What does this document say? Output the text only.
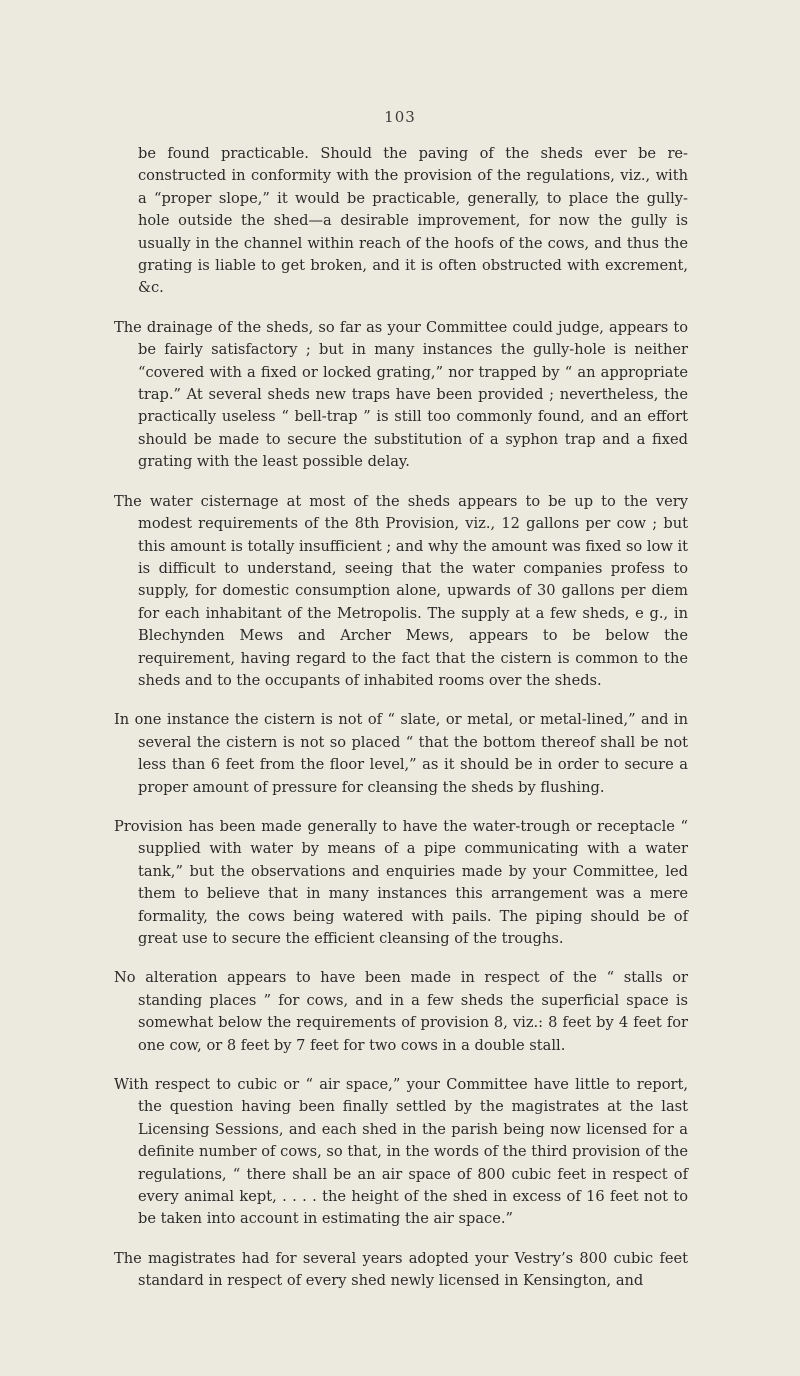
103

be found practicable. Should the paving of the sheds ever be re-constructed in conformity with the provision of the regulations, viz., with a “proper slope,” it would be practicable, generally, to place the gully-hole outside the shed—a desirable improvement, for now the gully is usually in the channel within reach of the hoofs of the cows, and thus the grating is liable to get broken, and it is often obstructed with excrement, &c.

The drainage of the sheds, so far as your Committee could judge, appears to be fairly satisfactory ; but in many instances the gully-hole is neither “covered with a fixed or locked grating,” nor trapped by “ an appropriate trap.” At several sheds new traps have been provided ; nevertheless, the practically useless “ bell-trap ” is still too commonly found, and an effort should be made to secure the substitution of a syphon trap and a fixed grating with the least possible delay.

The water cisternage at most of the sheds appears to be up to the very modest requirements of the 8th Provision, viz., 12 gallons per cow ; but this amount is totally insufficient ; and why the amount was fixed so low it is difficult to understand, seeing that the water companies profess to supply, for domestic consumption alone, upwards of 30 gallons per diem for each inhabitant of the Metropolis. The supply at a few sheds, e g., in Blechynden Mews and Archer Mews, appears to be below the requirement, having regard to the fact that the cistern is common to the sheds and to the occupants of inhabited rooms over the sheds.

In one instance the cistern is not of “ slate, or metal, or metal-lined,” and in several the cistern is not so placed “ that the bottom thereof shall be not less than 6 feet from the floor level,” as it should be in order to secure a proper amount of pressure for cleansing the sheds by flushing.

Provision has been made generally to have the water-trough or receptacle “ supplied with water by means of a pipe communicating with a water tank,” but the observations and enquiries made by your Committee, led them to believe that in many instances this arrangement was a mere formality, the cows being watered with pails. The piping should be of great use to secure the efficient cleansing of the troughs.

No alteration appears to have been made in respect of the “ stalls or standing places ” for cows, and in a few sheds the superficial space is somewhat below the requirements of provision 8, viz.: 8 feet by 4 feet for one cow, or 8 feet by 7 feet for two cows in a double stall.

With respect to cubic or “ air space,” your Committee have little to report, the question having been finally settled by the magistrates at the last Licensing Sessions, and each shed in the parish being now licensed for a definite number of cows, so that, in the words of the third provision of the regulations, “ there shall be an air space of 800 cubic feet in respect of every animal kept, . . . . the height of the shed in excess of 16 feet not to be taken into account in estimating the air space.”

The magistrates had for several years adopted your Vestry’s 800 cubic feet standard in respect of every shed newly licensed in Kensington, and
